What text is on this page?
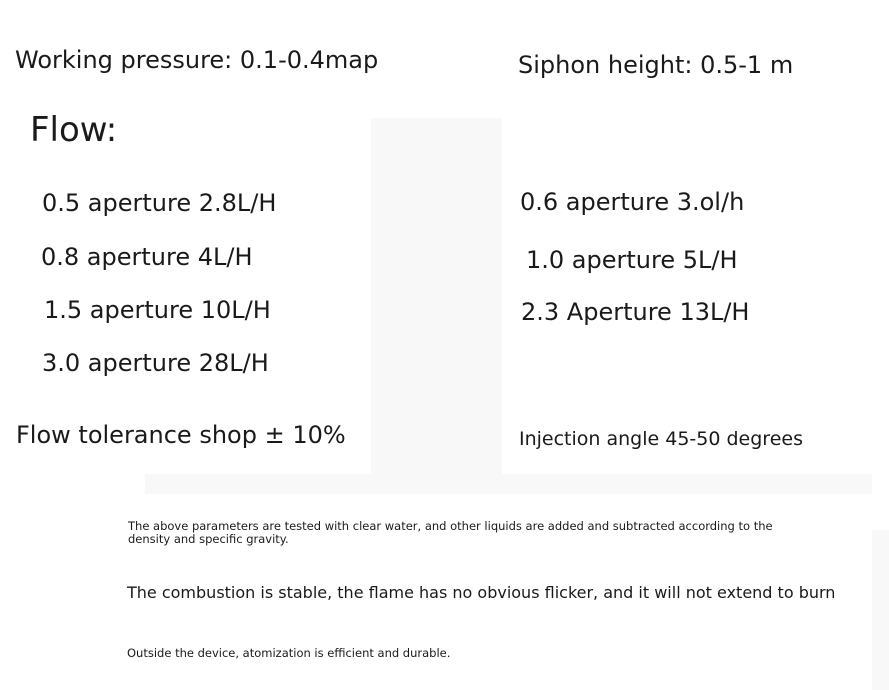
Working pressure: 0.1-0.4map	Siphon height: 0.5-1 m
Flow:
0.5 aperture 2.8L/H
0.8 aperture 4L/H
1.5 aperture 10L/H
3.0 aperture 28L/H
0.6 aperture 3.ol/h
1.0 aperture 5L/H
2.3 Aperture 13L/H
Flow tolerance shop ± 10%	Injection angle 45-50 degrees
The above parameters are tested with clear water, and other liquids are added and subtracted according to the density and specific gravity.
The combustion is stable, the flame has no obvious flicker, and it will not extend to burn
Outside the device, atomization is efficient and durable.
